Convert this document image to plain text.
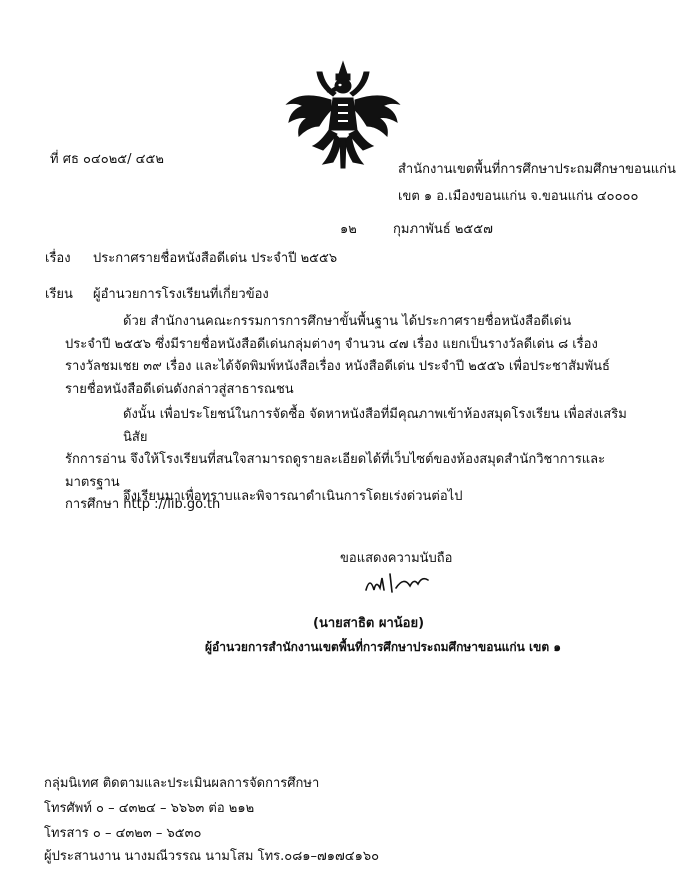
ที่ ศธ ๐๔๐๒๕/ ๔๕๒
สำนักงานเขตพื้นที่การศึกษาประถมศึกษาขอนแก่น
เขต ๑ อ.เมืองขอนแก่น จ.ขอนแก่น ๔๐๐๐๐
๑๒	กุมภาพันธ์ ๒๕๕๗
เรื่อง ประกาศรายชื่อหนังสือดีเด่น ประจำปี ๒๕๕๖
เรียน ผู้อำนวยการโรงเรียนที่เกี่ยวข้อง
ด้วย สำนักงานคณะกรรมการการศึกษาขั้นพื้นฐาน ได้ประกาศรายชื่อหนังสือดีเด่น
ประจำปี ๒๕๕๖ ซึ่งมีรายชื่อหนังสือดีเด่นกลุ่มต่างๆ จำนวน ๔๗ เรื่อง แยกเป็นรางวัลดีเด่น ๘ เรื่อง
รางวัลชมเชย ๓๙ เรื่อง และได้จัดพิมพ์หนังสือเรื่อง หนังสือดีเด่น ประจำปี ๒๕๕๖ เพื่อประชาสัมพันธ์
รายชื่อหนังสือดีเด่นดังกล่าวสู่สาธารณชน
ดังนั้น เพื่อประโยชน์ในการจัดซื้อ จัดหาหนังสือที่มีคุณภาพเข้าห้องสมุดโรงเรียน เพื่อส่งเสริมนิสัย
รักการอ่าน จึงให้โรงเรียนที่สนใจสามารถดูรายละเอียดได้ที่เว็บไซต์ของห้องสมุดสำนักวิชาการและมาตรฐาน
การศึกษา http ://lib.go.th
จึงเรียนมาเพื่อทราบและพิจารณาดำเนินการโดยเร่งด่วนต่อไป
ขอแสดงความนับถือ
(นายสาธิต ผาน้อย)
ผู้อำนวยการสำนักงานเขตพื้นที่การศึกษาประถมศึกษาขอนแก่น เขต ๑
กลุ่มนิเทศ ติดตามและประเมินผลการจัดการศึกษา
โทรศัพท์ ๐ – ๔๓๒๔ – ๖๖๖๓ ต่อ ๒๑๒
โทรสาร ๐ – ๔๓๒๓ – ๖๕๓๐
ผู้ประสานงาน นางมณีวรรณ นามโสม โทร.๐๘๑–๗๑๗๔๑๖๐
